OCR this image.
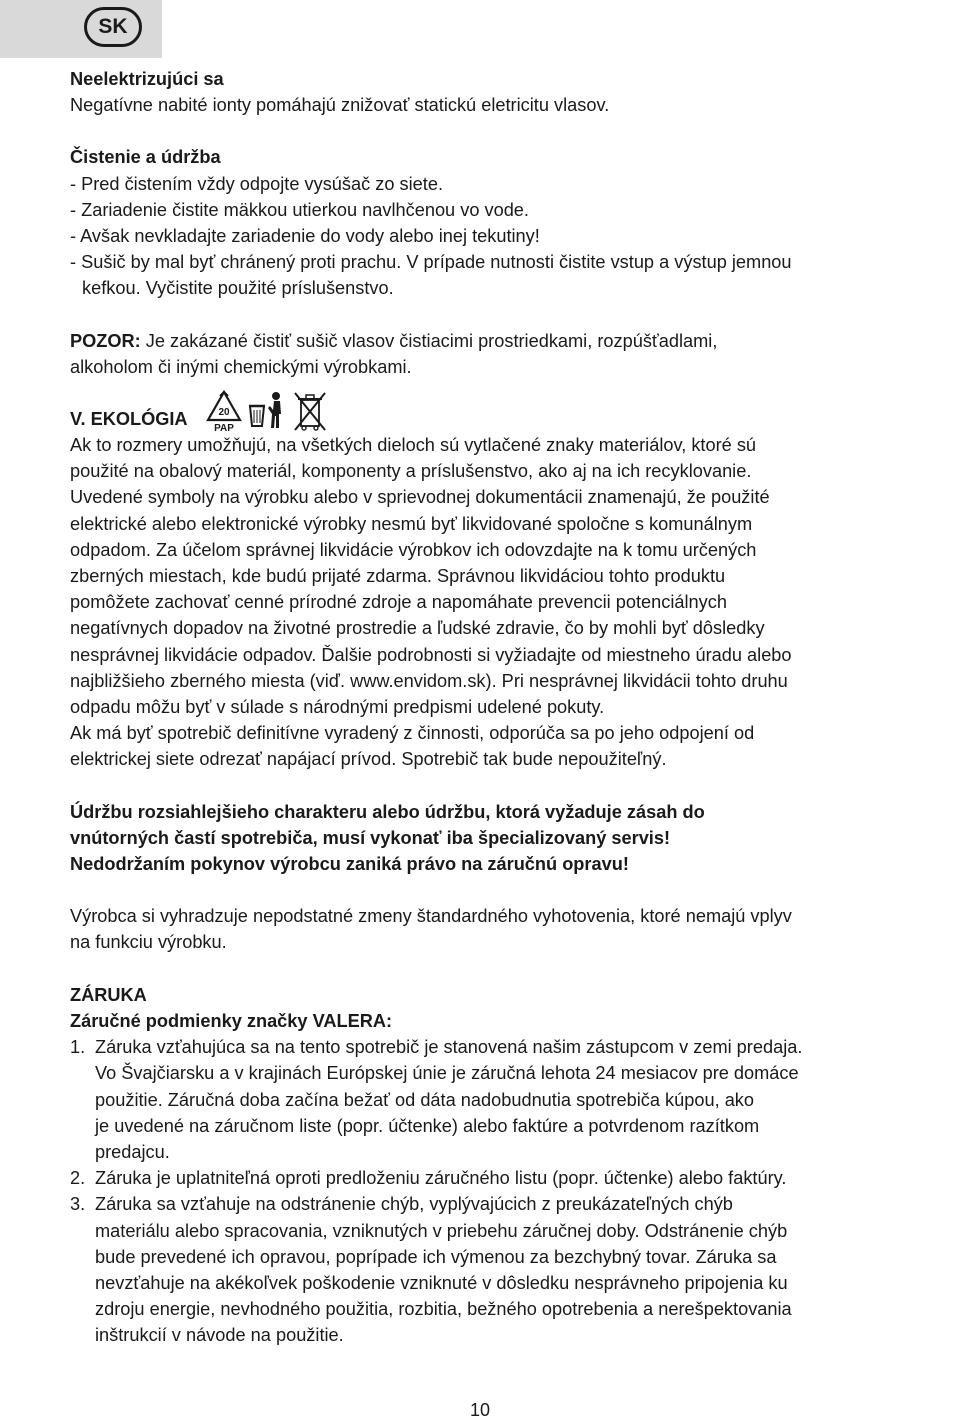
SK

Neelektrizujúci sa

Negatívne nabité ionty pomáhajú znižovať statickú eletricitu vlasov.

Čistenie a údržba

- Pred čistením vždy odpojte vysúšač zo siete.

- Zariadenie čistite mäkkou utierkou navlhčenou vo vode.

- Avšak nevkladajte zariadenie do vody alebo inej tekutiny!

- Sušič by mal byť chránený proti prachu. V prípade nutnosti čistite vstup a výstup jemnou

kefkou. Vyčistite použité príslušenstvo.

POZOR: Je zakázané čistiť sušič vlasov čistiacimi prostriedkami, rozpúšťadlami,

alkoholom či inými chemickými výrobkami.

V. EKOLÓGIA	20
PAP

Ak to rozmery umožňujú, na všetkých dieloch sú vytlačené znaky materiálov, ktoré sú

použité na obalový materiál, komponenty a príslušenstvo, ako aj na ich recyklovanie.

Uvedené symboly na výrobku alebo v sprievodnej dokumentácii znamenajú, že použité

elektrické alebo elektronické výrobky nesmú byť likvidované spoločne s komunálnym

odpadom. Za účelom správnej likvidácie výrobkov ich odovzdajte na k tomu určených

zberných miestach, kde budú prijaté zdarma. Správnou likvidáciou tohto produktu

pomôžete zachovať cenné prírodné zdroje a napomáhate prevencii potenciálnych

negatívnych dopadov na životné prostredie a ľudské zdravie, čo by mohli byť dôsledky

nesprávnej likvidácie odpadov. Ďalšie podrobnosti si vyžiadajte od miestneho úradu alebo

najbližšieho zberného miesta (viď. www.envidom.sk). Pri nesprávnej likvidácii tohto druhu

odpadu môžu byť v súlade s národnými predpismi udelené pokuty.

Ak má byť spotrebič definitívne vyradený z činnosti, odporúča sa po jeho odpojení od

elektrickej siete odrezať napájací prívod. Spotrebič tak bude nepoužiteľný.

Údržbu rozsiahlejšieho charakteru alebo údržbu, ktorá vyžaduje zásah do

vnútorných častí spotrebiča, musí vykonať iba špecializovaný servis!

Nedodržaním pokynov výrobcu zaniká právo na záručnú opravu!

Výrobca si vyhradzuje nepodstatné zmeny štandardného vyhotovenia, ktoré nemajú vplyv

na funkciu výrobku.

ZÁRUKA

Záručné podmienky značky VALERA:

1. Záruka vzťahujúca sa na tento spotrebič je stanovená našim zástupcom v zemi predaja.
Vo Švajčiarsku a v krajinách Európskej únie je záručná lehota 24 mesiacov pre domáce
použitie. Záručná doba začína bežať od dáta nadobudnutia spotrebiča kúpou, ako
je uvedené na záručnom liste (popr. účtenke) alebo faktúre a potvrdenom razítkom
predajcu.
2. Záruka je uplatniteľná oproti predloženiu záručného listu (popr. účtenke) alebo faktúry.
3. Záruka sa vzťahuje na odstránenie chýb, vyplývajúcich z preukázateľných chýb
materiálu alebo spracovania, vzniknutých v priebehu záručnej doby. Odstránenie chýb
bude prevedené ich opravou, poprípade ich výmenou za bezchybný tovar. Záruka sa
nevzťahuje na akékoľvek poškodenie vzniknuté v dôsledku nesprávneho pripojenia ku
zdroju energie, nevhodného použitia, rozbitia, bežného opotrebenia a nerešpektovania
inštrukcií v návode na použitie.
10
